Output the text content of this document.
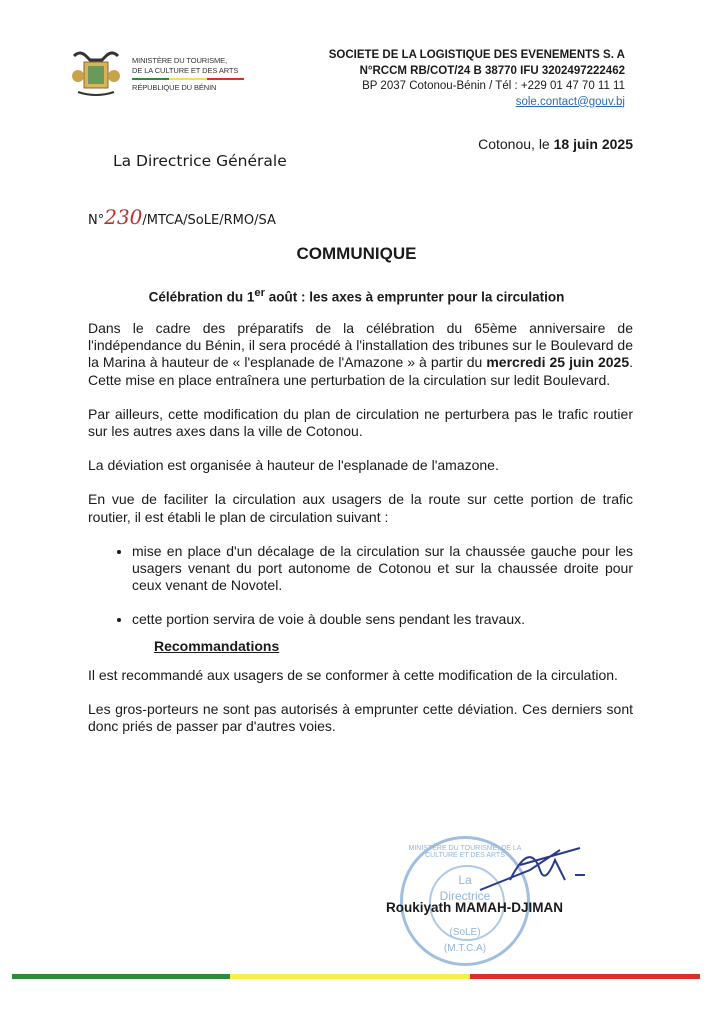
MINISTÈRE DU TOURISME,
DE LA CULTURE ET DES ARTS
RÉPUBLIQUE DU BÉNIN
SOCIETE DE LA LOGISTIQUE DES EVENEMENTS S. A
N°RCCM RB/COT/24 B 38770 IFU 3202497222462
BP 2037 Cotonou-Bénin / Tél : +229 01 47 70 11 11
sole.contact@gouv.bj
Cotonou, le 18 juin 2025
La Directrice Générale
N°230/MTCA/SoLE/RMO/SA
COMMUNIQUE
Célébration du 1er août : les axes à emprunter pour la circulation

Dans le cadre des préparatifs de la célébration du 65ème anniversaire de l'indépendance du Bénin, il sera procédé à l'installation des tribunes sur le Boulevard de la Marina à hauteur de « l'esplanade de l'Amazone » à partir du mercredi 25 juin 2025. Cette mise en place entraînera une perturbation de la circulation sur ledit Boulevard.

Par ailleurs, cette modification du plan de circulation ne perturbera pas le trafic routier sur les autres axes dans la ville de Cotonou.

La déviation est organisée à hauteur de l'esplanade de l'amazone.

En vue de faciliter la circulation aux usagers de la route sur cette portion de trafic routier, il est établi le plan de circulation suivant :

• mise en place d'un décalage de la circulation sur la chaussée gauche pour les usagers venant du port autonome de Cotonou et sur la chaussée droite pour ceux venant de Novotel.
• cette portion servira de voie à double sens pendant les travaux.

Recommandations

Il est recommandé aux usagers de se conformer à cette modification de la circulation.

Les gros-porteurs ne sont pas autorisés à emprunter cette déviation. Ces derniers sont donc priés de passer par d'autres voies.

MINISTÈRE DU TOURISME, DE LA CULTURE ET DES ARTS
La
Directrice
(SoLE)
(M.T.C.A)
Roukiyath MAMAH-DJIMAN
